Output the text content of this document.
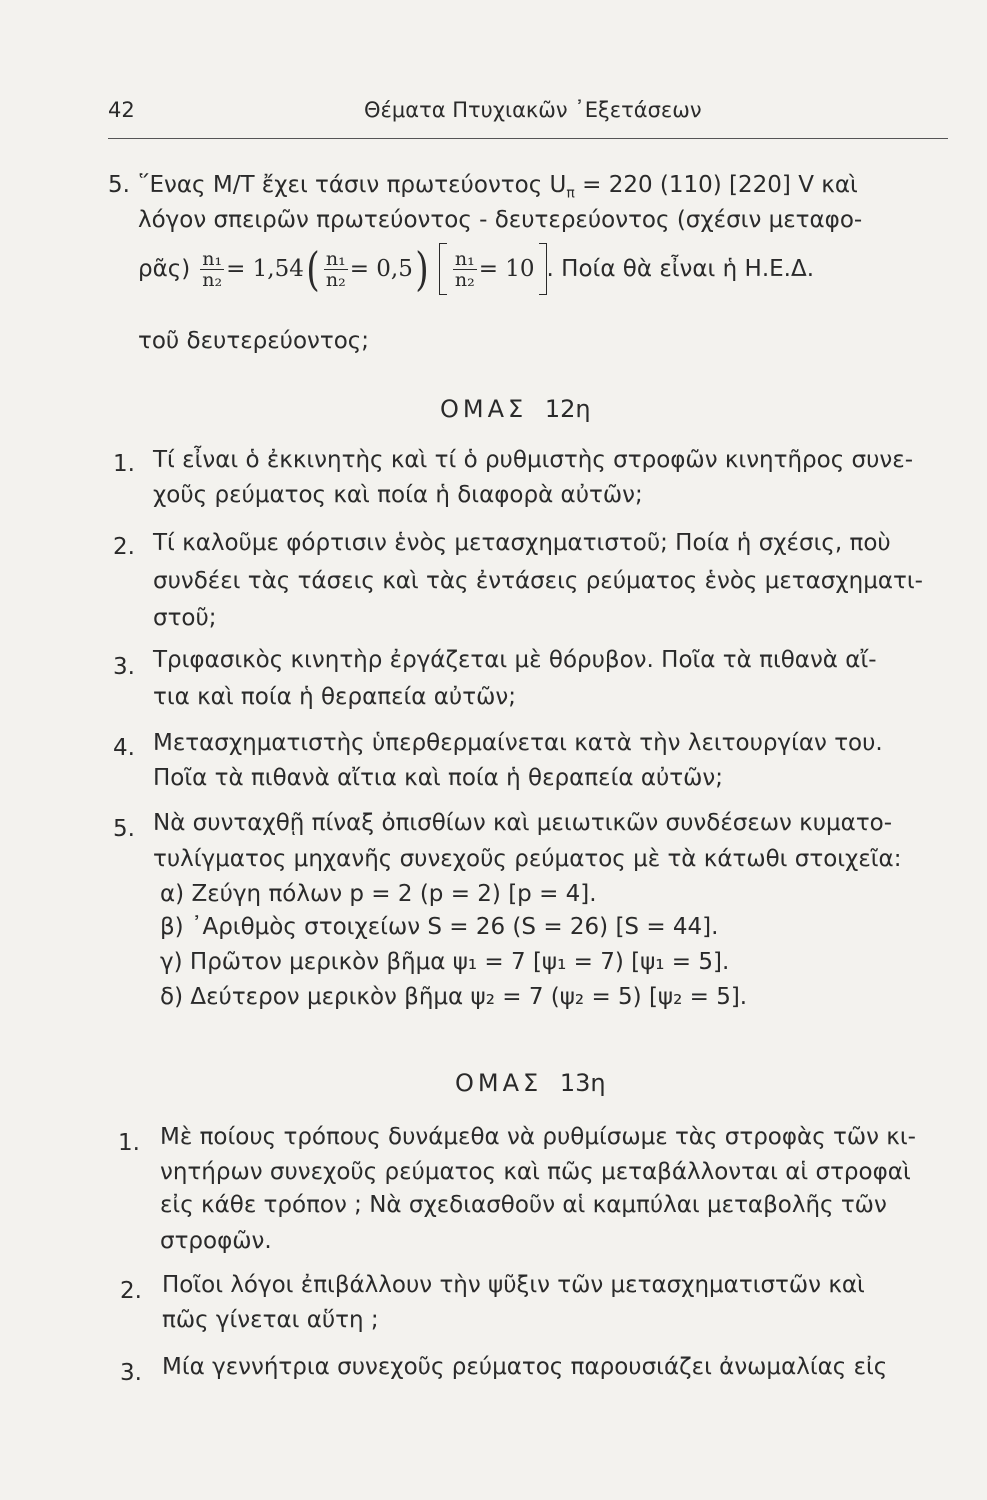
42	Θέματα Πτυχιακῶν ᾿Εξετάσεων
5. ῞Ενας Μ/Τ ἔχει τάσιν πρωτεύοντος $U_\pi = 220$ (110) [220] V καὶ
λόγον σπειρῶν πρωτεύοντος - δευτερεύοντος (σχέσιν μεταφο-
ρᾶς) $\frac{\text{n₁}}{\text{n₂}} = 1,54$ ( $\frac{\text{n₁}}{\text{n₂}} = 0,5$ ) $\frac{\text{n₁}}{\text{n₂}} = 10$ . Ποία θὰ εἶναι ἡ Η.Ε.Δ.
τοῦ δευτερεύοντος;
ΟΜΑΣ 12η
1. Τί εἶναι ὁ ἐκκινητὴς καὶ τί ὁ ρυθμιστὴς στροφῶν κινητῆρος συνε-
χοῦς ρεύματος καὶ ποία ἡ διαφορὰ αὐτῶν;
2. Τί καλοῦμε φόρτισιν ἑνὸς μετασχηματιστοῦ; Ποία ἡ σχέσις, ποὺ
συνδέει τὰς τάσεις καὶ τὰς ἐντάσεις ρεύματος ἑνὸς μετασχηματι-
στοῦ;
3. Τριφασικὸς κινητὴρ ἐργάζεται μὲ θόρυβον. Ποῖα τὰ πιθανὰ αἴ-
τια καὶ ποία ἡ θεραπεία αὐτῶν;
4. Μετασχηματιστὴς ὑπερθερμαίνεται κατὰ τὴν λειτουργίαν του.
Ποῖα τὰ πιθανὰ αἴτια καὶ ποία ἡ θεραπεία αὐτῶν;
5. Νὰ συνταχθῇ πίναξ ὀπισθίων καὶ μειωτικῶν συνδέσεων κυματο-
τυλίγματος μηχανῆς συνεχοῦς ρεύματος μὲ τὰ κάτωθι στοιχεῖα:
α) Ζεύγη πόλων p = 2 (p = 2) [p = 4].
β) ᾿Αριθμὸς στοιχείων S = 26 (S = 26) [S = 44].
γ) Πρῶτον μερικὸν βῆμα ψ₁ = 7 [ψ₁ = 7) [ψ₁ = 5].
δ) Δεύτερον μερικὸν βῆμα ψ₂ = 7 (ψ₂ = 5) [ψ₂ = 5].
ΟΜΑΣ 13η
1. Μὲ ποίους τρόπους δυνάμεθα νὰ ρυθμίσωμε τὰς στροφὰς τῶν κι-
νητήρων συνεχοῦς ρεύματος καὶ πῶς μεταβάλλονται αἱ στροφαὶ
εἰς κάθε τρόπον ; Νὰ σχεδιασθοῦν αἱ καμπύλαι μεταβολῆς τῶν
στροφῶν.
2. Ποῖοι λόγοι ἐπιβάλλουν τὴν ψῦξιν τῶν μετασχηματιστῶν καὶ
πῶς γίνεται αὕτη ;
3. Μία γεννήτρια συνεχοῦς ρεύματος παρουσιάζει ἀνωμαλίας εἰς
